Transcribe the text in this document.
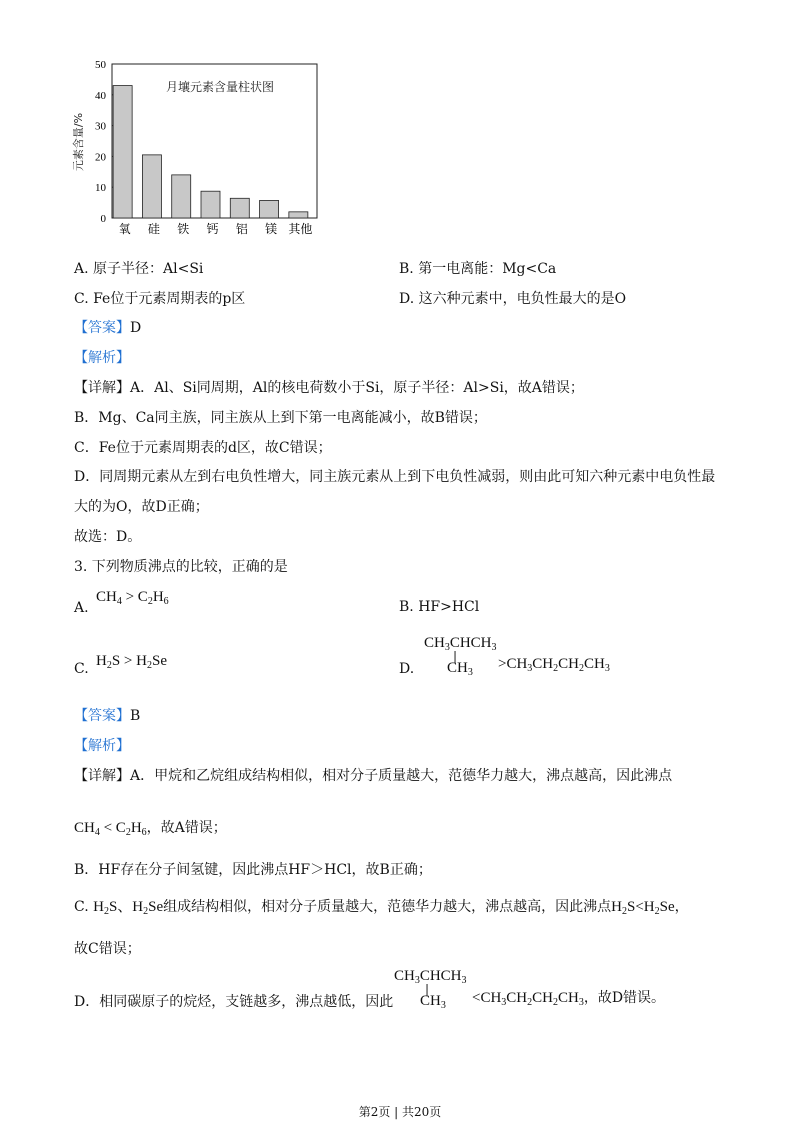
月壤元素含量柱状图
元素含量/%
0
10
20
30
40
50
氧 硅 铁 钙 铝 镁 其他
A. 原子半径：Al<Si	B. 第一电离能：Mg<Ca
C. Fe位于元素周期表的p区	D. 这六种元素中，电负性最大的是O
【答案】D
【解析】
【详解】A．Al、Si同周期，Al的核电荷数小于Si，原子半径：Al>Si，故A错误；
B．Mg、Ca同主族，同主族从上到下第一电离能减小，故B错误；
C．Fe位于元素周期表的d区，故C错误；
D．同周期元素从左到右电负性增大，同主族元素从上到下电负性减弱，则由此可知六种元素中电负性最
大的为O，故D正确；
故选：D。
3. 下列物质沸点的比较，正确的是
A.
$CH_4 > C_2H_6$	B. HF>HCl
C. $H_2S > H_2Se$	D.
$CH_3CHCH_3$
|
$CH_3$
$>CH_3CH_2CH_2CH_3$
【答案】B
【解析】
【详解】A．甲烷和乙烷组成结构相似，相对分子质量越大，范德华力越大，沸点越高，因此沸点
$CH_4 < C_2H_6$，故A错误；
B．HF存在分子间氢键，因此沸点HF＞HCl，故B正确；
C. $H_2S$、$H_2Se$组成结构相似，相对分子质量越大，范德华力越大，沸点越高，因此沸点$H_2S<H_2Se$，
故C错误；
D．相同碳原子的烷烃，支链越多，沸点越低，因此
$CH_3CHCH_3$
|
$CH_3 <CH_3CH_2CH_2CH_3$，故D错误。
第2页 | 共20页
